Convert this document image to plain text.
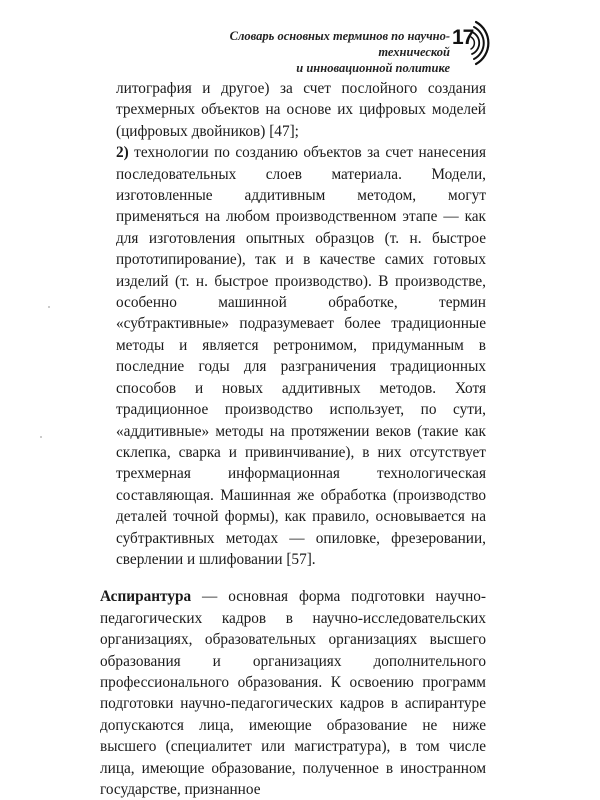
Словарь основных терминов по научно-технической
и инновационной политике
17

литография и другое) за счет послойного создания трехмерных объектов на основе их цифровых моделей (цифровых двойников) [47];

2) технологии по созданию объектов за счет нанесения последовательных слоев материала. Модели, изготовленные аддитивным методом, могут применяться на любом производственном этапе — как для изготовления опытных образцов (т. н. быстрое прототипирование), так и в качестве самих готовых изделий (т. н. быстрое производство). В производстве, особенно машинной обработке, термин «субтрактивные» подразумевает более традиционные методы и является ретронимом, придуманным в последние годы для разграничения традиционных способов и новых аддитивных методов. Хотя традиционное производство использует, по сути, «аддитивные» методы на протяжении веков (такие как склепка, сварка и привинчивание), в них отсутствует трехмерная информационная технологическая составляющая. Машинная же обработка (производство деталей точной формы), как правило, основывается на субтрактивных методах — опиловке, фрезеровании, сверлении и шлифовании [57].

Аспирантура — основная форма подготовки научно-педагогических кадров в научно-исследовательских организациях, образовательных организациях высшего образования и организациях дополнительного профессионального образования. К освоению программ подготовки научно-педагогических кадров в аспирантуре допускаются лица, имеющие образование не ниже высшего (специалитет или магистратура), в том числе лица, имеющие образование, полученное в иностранном государстве, признанное
